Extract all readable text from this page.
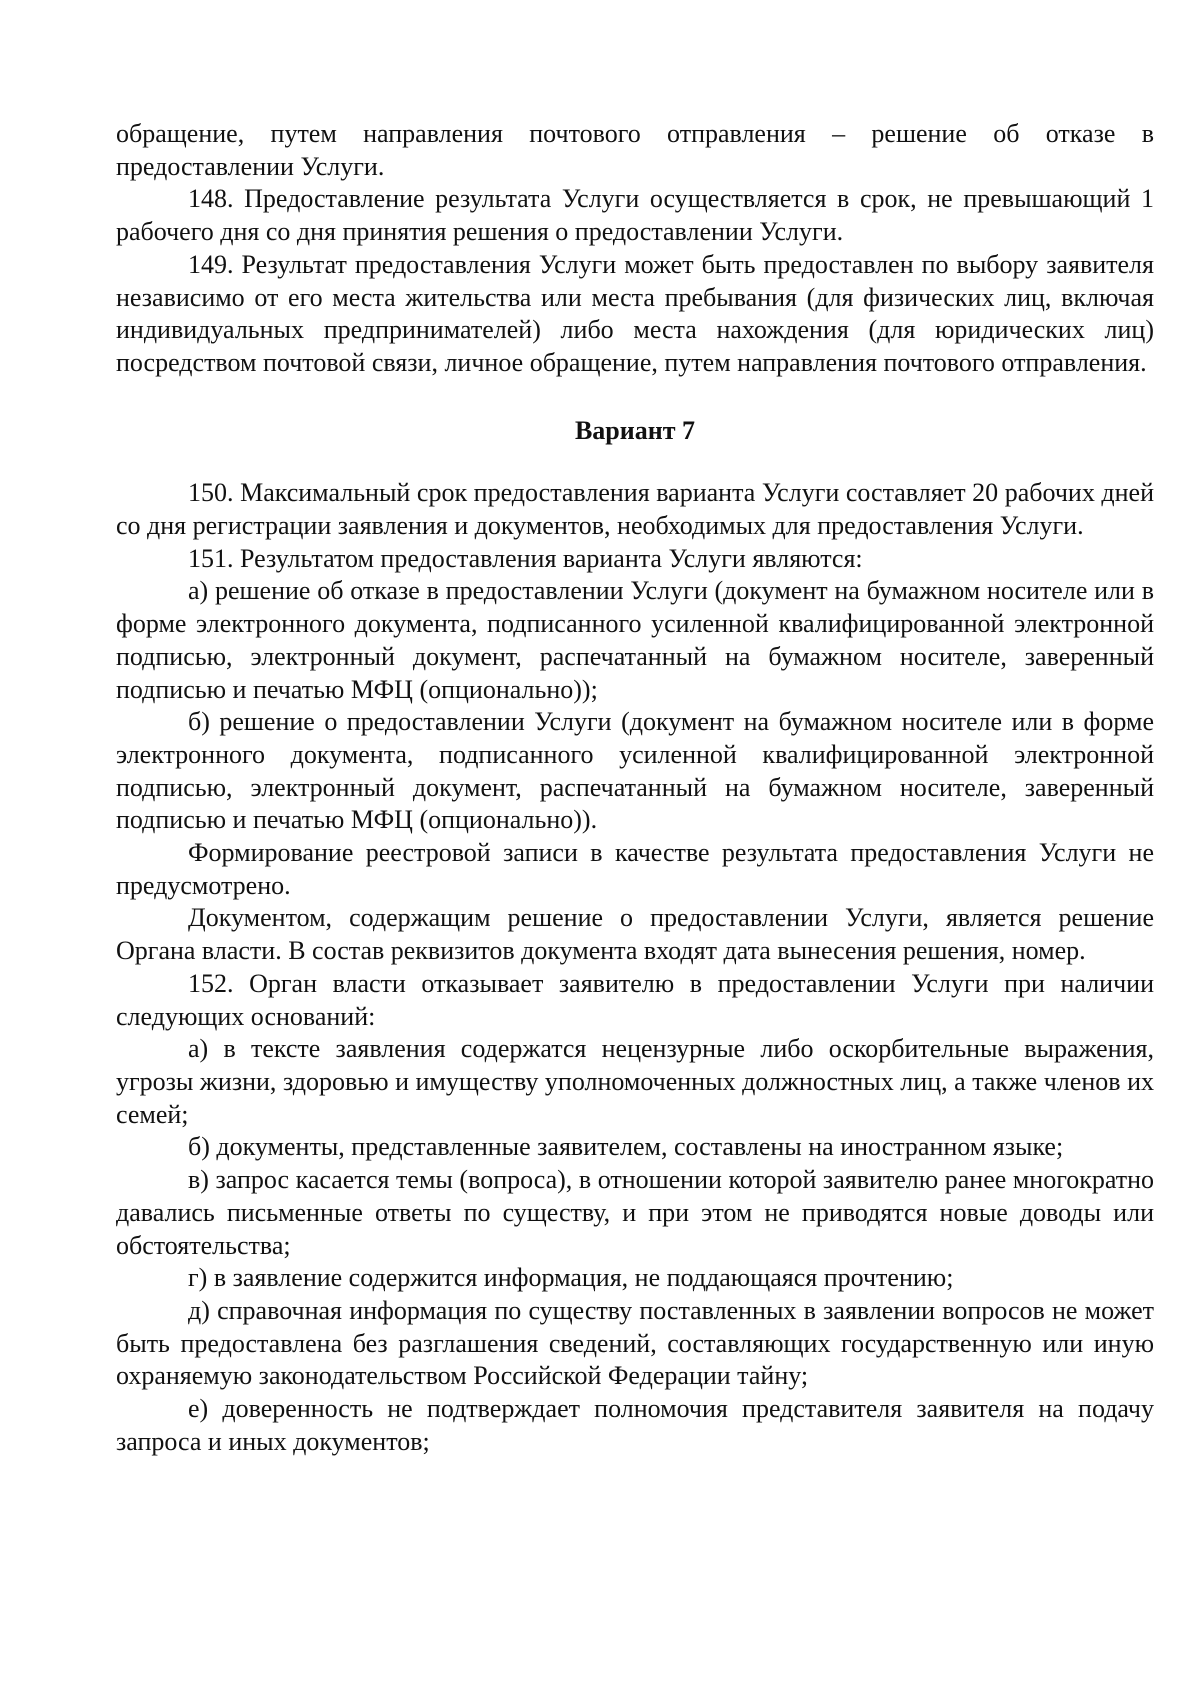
обращение, путем направления почтового отправления – решение об отказе в предоставлении Услуги.

148. Предоставление результата Услуги осуществляется в срок, не превышающий 1 рабочего дня со дня принятия решения о предоставлении Услуги.

149. Результат предоставления Услуги может быть предоставлен по выбору заявителя независимо от его места жительства или места пребывания (для физических лиц, включая индивидуальных предпринимателей) либо места нахождения (для юридических лиц) посредством почтовой связи, личное обращение, путем направления почтового отправления.

Вариант 7

150. Максимальный срок предоставления варианта Услуги составляет 20 рабочих дней со дня регистрации заявления и документов, необходимых для предоставления Услуги.

151. Результатом предоставления варианта Услуги являются:

а) решение об отказе в предоставлении Услуги (документ на бумажном носителе или в форме электронного документа, подписанного усиленной квалифицированной электронной подписью, электронный документ, распечатанный на бумажном носителе, заверенный подписью и печатью МФЦ (опционально));

б) решение о предоставлении Услуги (документ на бумажном носителе или в форме электронного документа, подписанного усиленной квалифицированной электронной подписью, электронный документ, распечатанный на бумажном носителе, заверенный подписью и печатью МФЦ (опционально)).

Формирование реестровой записи в качестве результата предоставления Услуги не предусмотрено.

Документом, содержащим решение о предоставлении Услуги, является решение Органа власти. В состав реквизитов документа входят дата вынесения решения, номер.

152. Орган власти отказывает заявителю в предоставлении Услуги при наличии следующих оснований:

а) в тексте заявления содержатся нецензурные либо оскорбительные выражения, угрозы жизни, здоровью и имуществу уполномоченных должностных лиц, а также членов их семей;

б) документы, представленные заявителем, составлены на иностранном языке;

в) запрос касается темы (вопроса), в отношении которой заявителю ранее многократно давались письменные ответы по существу, и при этом не приводятся новые доводы или обстоятельства;

г) в заявление содержится информация, не поддающаяся прочтению;

д) справочная информация по существу поставленных в заявлении вопросов не может быть предоставлена без разглашения сведений, составляющих государственную или иную охраняемую законодательством Российской Федерации тайну;

е) доверенность не подтверждает полномочия представителя заявителя на подачу запроса и иных документов;
